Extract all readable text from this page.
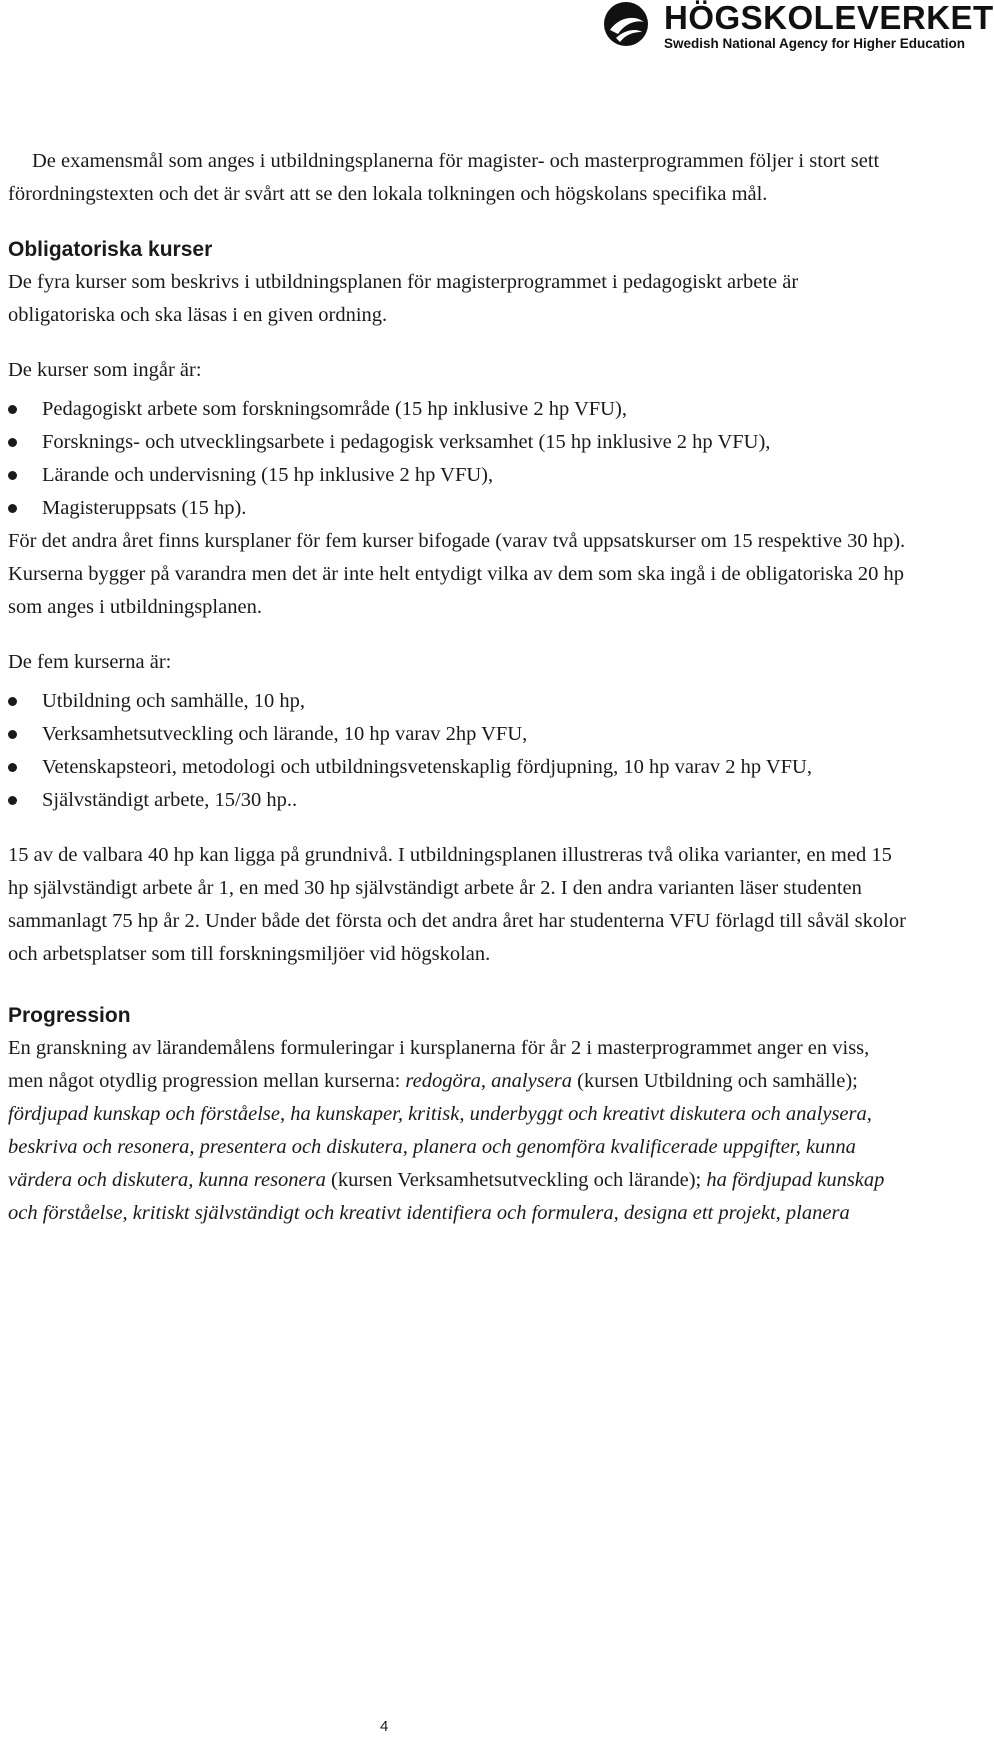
HÖGSKOLEVERKET
Swedish National Agency for Higher Education

De examensmål som anges i utbildningsplanerna för magister- och masterprogrammen följer i stort sett förordningstexten och det är svårt att se den lokala tolkningen och högskolans specifika mål.

Obligatoriska kurser

De fyra kurser som beskrivs i utbildningsplanen för magisterprogrammet i pedagogiskt arbete är obligatoriska och ska läsas i en given ordning.

De kurser som ingår är:

Pedagogiskt arbete som forskningsområde (15 hp inklusive 2 hp VFU),
Forsknings- och utvecklingsarbete i pedagogisk verksamhet (15 hp inklusive 2 hp VFU),
Lärande och undervisning (15 hp inklusive 2 hp VFU),
Magisteruppsats (15 hp).

För det andra året finns kursplaner för fem kurser bifogade (varav två uppsatskurser om 15 respektive 30 hp). Kurserna bygger på varandra men det är inte helt entydigt vilka av dem som ska ingå i de obligatoriska 20 hp som anges i utbildningsplanen.

De fem kurserna är:

Utbildning och samhälle, 10 hp,
Verksamhetsutveckling och lärande, 10 hp varav 2hp VFU,
Vetenskapsteori, metodologi och utbildningsvetenskaplig fördjupning, 10 hp varav 2 hp VFU,
Självständigt arbete, 15/30 hp..

15 av de valbara 40 hp kan ligga på grundnivå. I utbildningsplanen illustreras två olika varianter, en med 15 hp självständigt arbete år 1, en med 30 hp självständigt arbete år 2. I den andra varianten läser studenten sammanlagt 75 hp år 2. Under både det första och det andra året har studenterna VFU förlagd till såväl skolor och arbetsplatser som till forskningsmiljöer vid högskolan.

Progression

En granskning av lärandemålens formuleringar i kursplanerna för år 2 i masterprogrammet anger en viss, men något otydlig progression mellan kurserna: redogöra, analysera (kursen Utbildning och samhälle); fördjupad kunskap och förståelse, ha kunskaper, kritisk, underbyggt och kreativt diskutera och analysera, beskriva och resonera, presentera och diskutera, planera och genomföra kvalificerade uppgifter, kunna värdera och diskutera, kunna resonera (kursen Verksamhetsutveckling och lärande); ha fördjupad kunskap och förståelse, kritiskt självständigt och kreativt identifiera och formulera, designa ett projekt, planera

4
